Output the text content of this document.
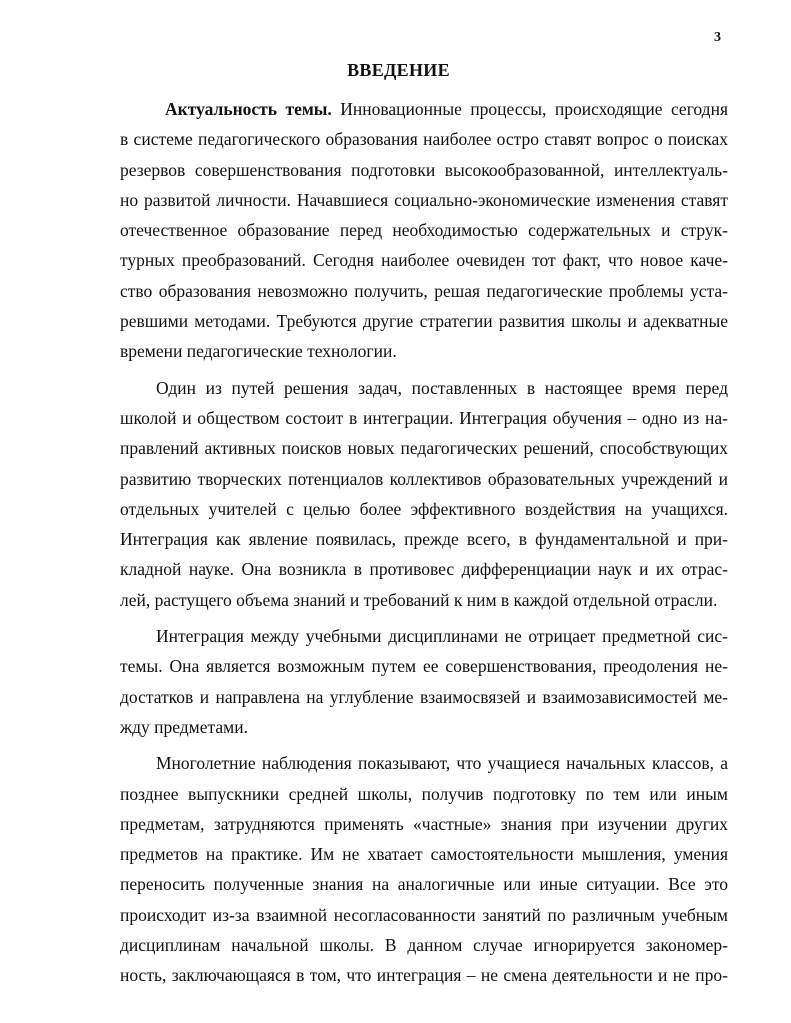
3
ВВЕДЕНИЕ
Актуальность темы. Инновационные процессы, происходящие сегодня
в системе педагогического образования наиболее остро ставят вопрос о поисках
резервов совершенствования подготовки высокообразованной, интеллектуаль-
но развитой личности. Начавшиеся социально-экономические изменения ставят
отечественное образование перед необходимостью содержательных и струк-
турных преобразований. Сегодня наиболее очевиден тот факт, что новое каче-
ство образования невозможно получить, решая педагогические проблемы уста-
ревшими методами. Требуются другие стратегии развития школы и адекватные
времени педагогические технологии.
Один из путей решения задач, поставленных в настоящее время перед
школой и обществом состоит в интеграции. Интеграция обучения – одно из на-
правлений активных поисков новых педагогических решений, способствующих
развитию творческих потенциалов коллективов образовательных учреждений и
отдельных учителей с целью более эффективного воздействия на учащихся.
Интеграция как явление появилась, прежде всего, в фундаментальной и при-
кладной науке. Она возникла в противовес дифференциации наук и их отрас-
лей, растущего объема знаний и требований к ним в каждой отдельной отрасли.
Интеграция между учебными дисциплинами не отрицает предметной сис-
темы. Она является возможным путем ее совершенствования, преодоления не-
достатков и направлена на углубление взаимосвязей и взаимозависимостей ме-
жду предметами.
Многолетние наблюдения показывают, что учащиеся начальных классов, а
позднее выпускники средней школы, получив подготовку по тем или иным
предметам, затрудняются применять «частные» знания при изучении других
предметов на практике. Им не хватает самостоятельности мышления, умения
переносить полученные знания на аналогичные или иные ситуации. Все это
происходит из-за взаимной несогласованности занятий по различным учебным
дисциплинам начальной школы. В данном случае игнорируется закономер-
ность, заключающаяся в том, что интеграция – не смена деятельности и не про-
